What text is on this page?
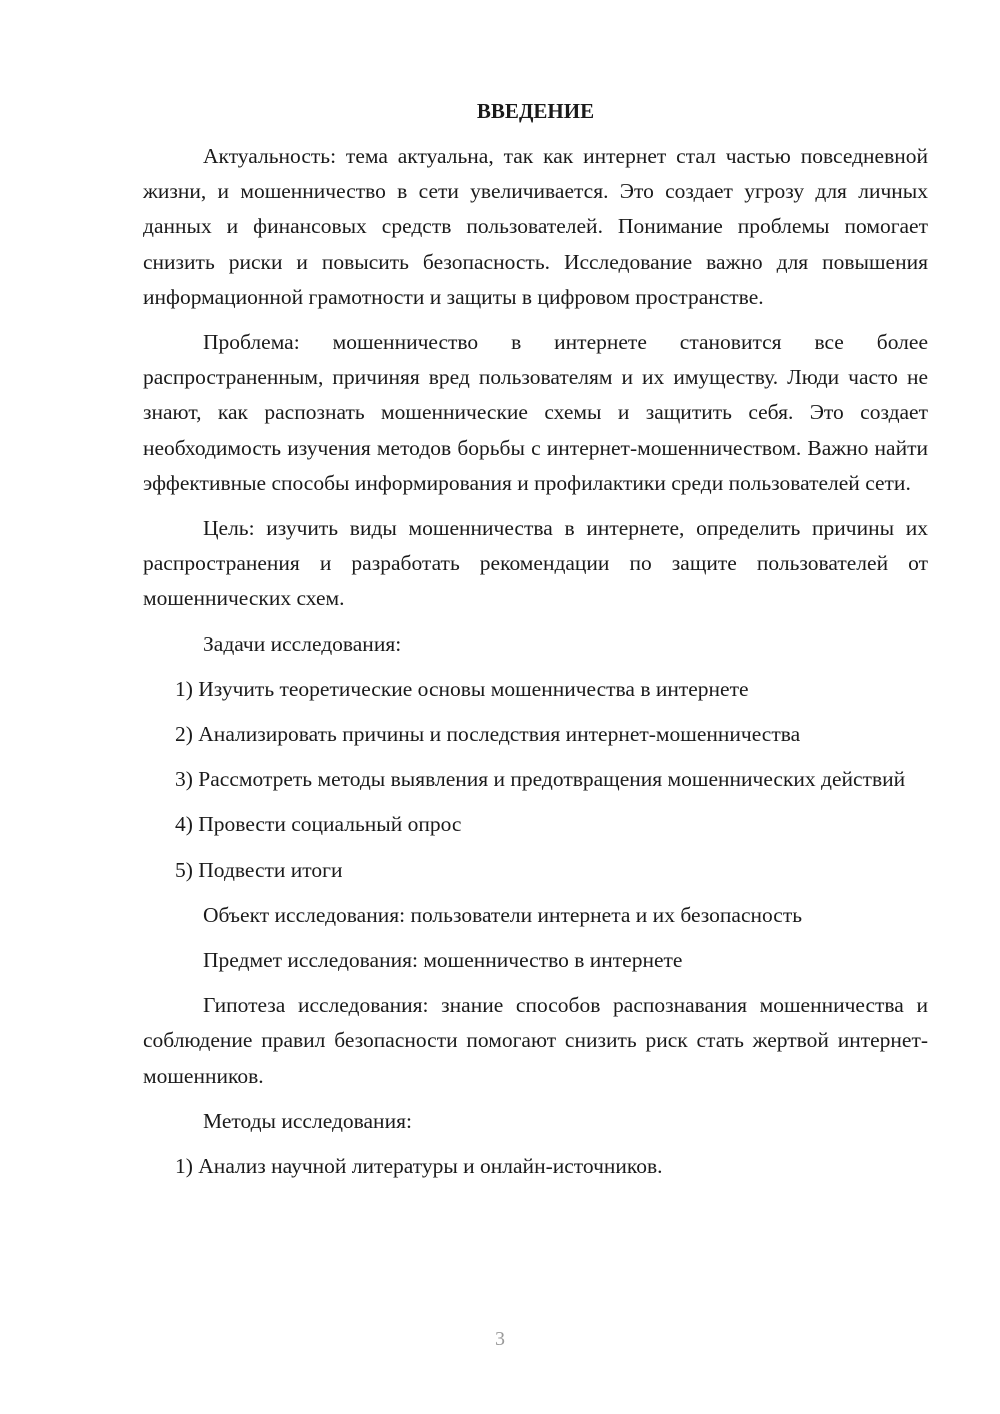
ВВЕДЕНИЕ

Актуальность: тема актуальна, так как интернет стал частью повседневной жизни, и мошенничество в сети увеличивается. Это создает угрозу для личных данных и финансовых средств пользователей. Понимание проблемы помогает снизить риски и повысить безопасность. Исследование важно для повышения информационной грамотности и защиты в цифровом пространстве.

Проблема: мошенничество в интернете становится все более распространенным, причиняя вред пользователям и их имуществу. Люди часто не знают, как распознать мошеннические схемы и защитить себя. Это создает необходимость изучения методов борьбы с интернет-мошенничеством. Важно найти эффективные способы информирования и профилактики среди пользователей сети.

Цель: изучить виды мошенничества в интернете, определить причины их распространения и разработать рекомендации по защите пользователей от мошеннических схем.

Задачи исследования:

1) Изучить теоретические основы мошенничества в интернете

2) Анализировать причины и последствия интернет-мошенничества

3) Рассмотреть методы выявления и предотвращения мошеннических действий

4) Провести социальный опрос

5) Подвести итоги

Объект исследования: пользователи интернета и их безопасность

Предмет исследования: мошенничество в интернете

Гипотеза исследования: знание способов распознавания мошенничества и соблюдение правил безопасности помогают снизить риск стать жертвой интернет-мошенников.

Методы исследования:

1) Анализ научной литературы и онлайн-источников.

3
